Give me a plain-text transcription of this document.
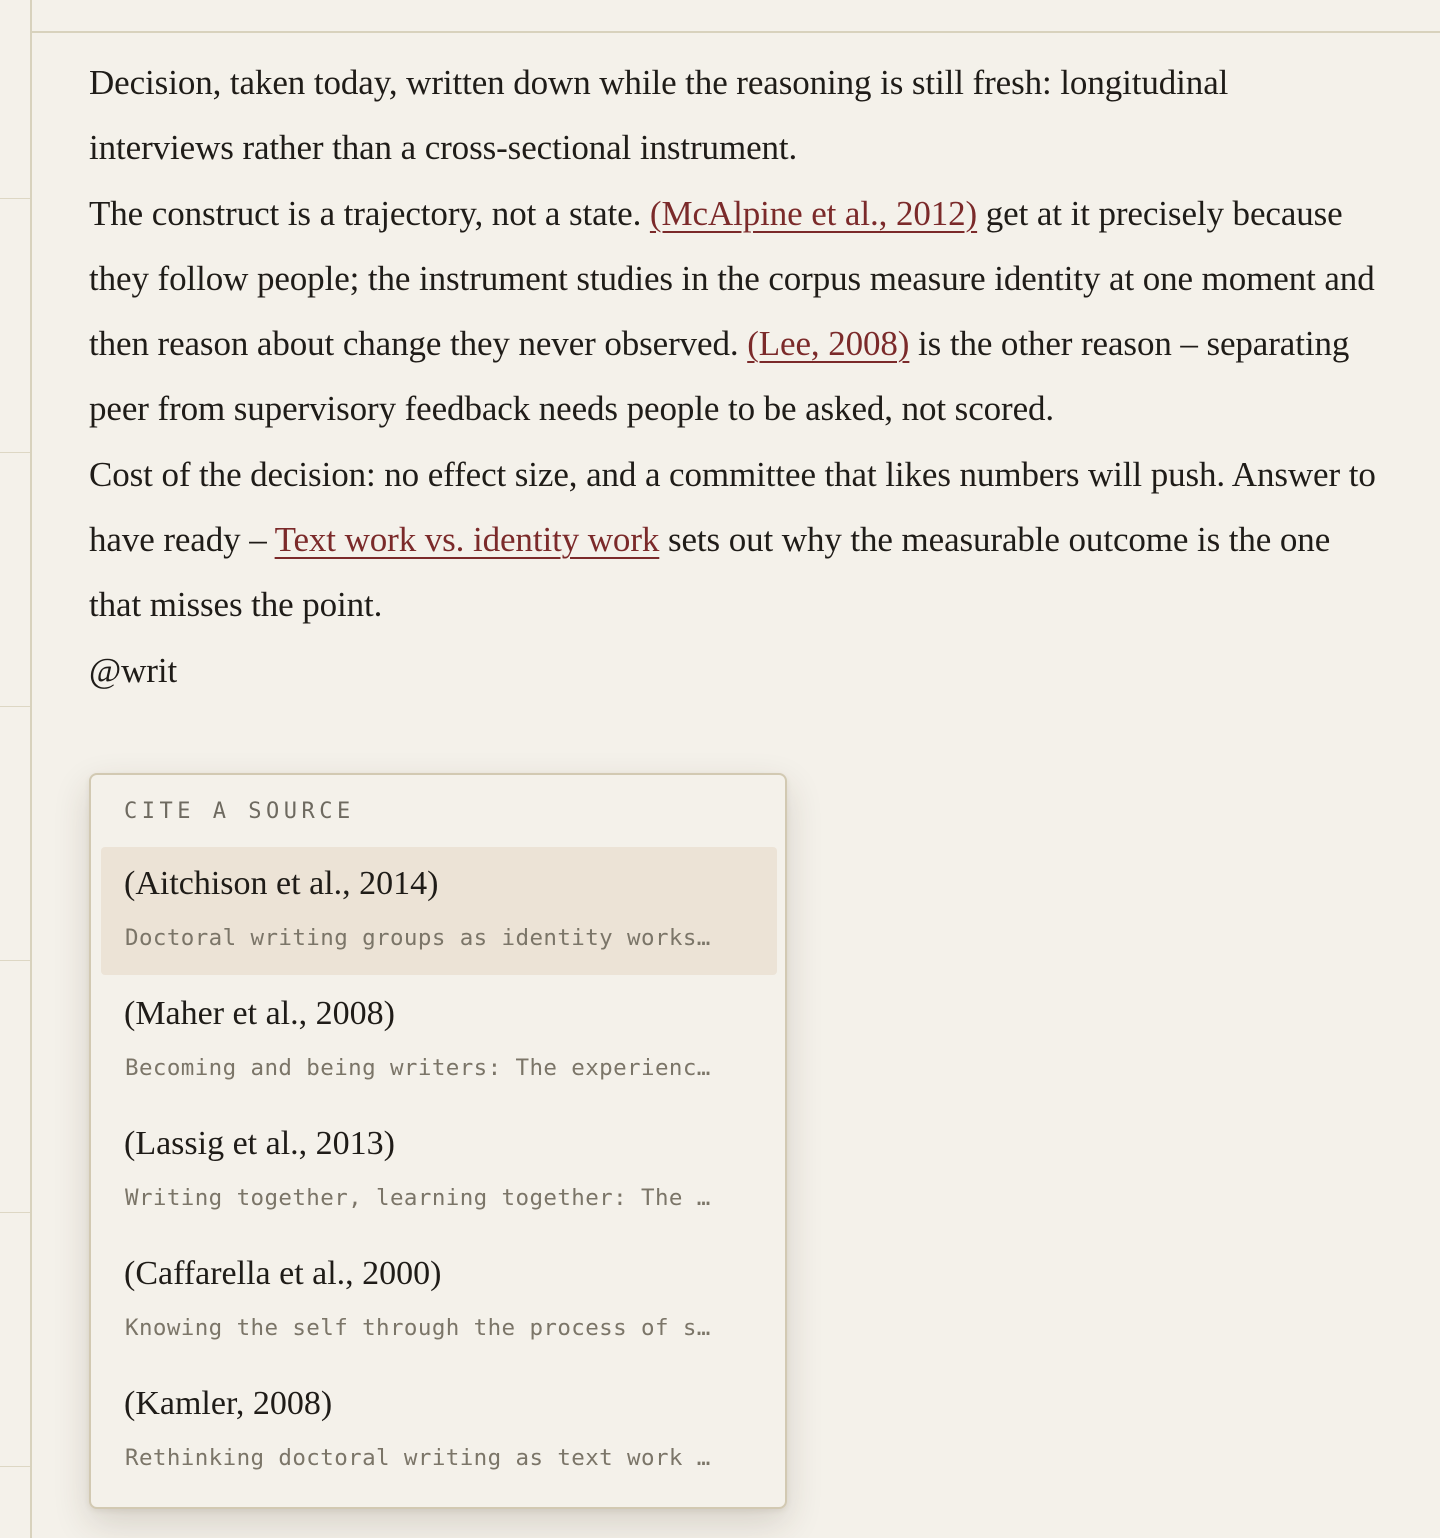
Decision, taken today, written down while the reasoning is still fresh: longitudinal interviews rather than a cross-sectional instrument.

The construct is a trajectory, not a state. (McAlpine et al., 2012) get at it precisely because they follow people; the instrument studies in the corpus measure identity at one moment and then reason about change they never observed. (Lee, 2008) is the other reason – separating peer from supervisory feedback needs people to be asked, not scored.

Cost of the decision: no effect size, and a committee that likes numbers will push. Answer to have ready – Text work vs. identity work sets out why the measurable outcome is the one that misses the point.

@writ

CITE A SOURCE
(Aitchison et al., 2014)
Doctoral writing groups as identity works…
(Maher et al., 2008)
Becoming and being writers: The experienc…
(Lassig et al., 2013)
Writing together, learning together: The …
(Caffarella et al., 2000)
Knowing the self through the process of s…
(Kamler, 2008)
Rethinking doctoral writing as text work …
